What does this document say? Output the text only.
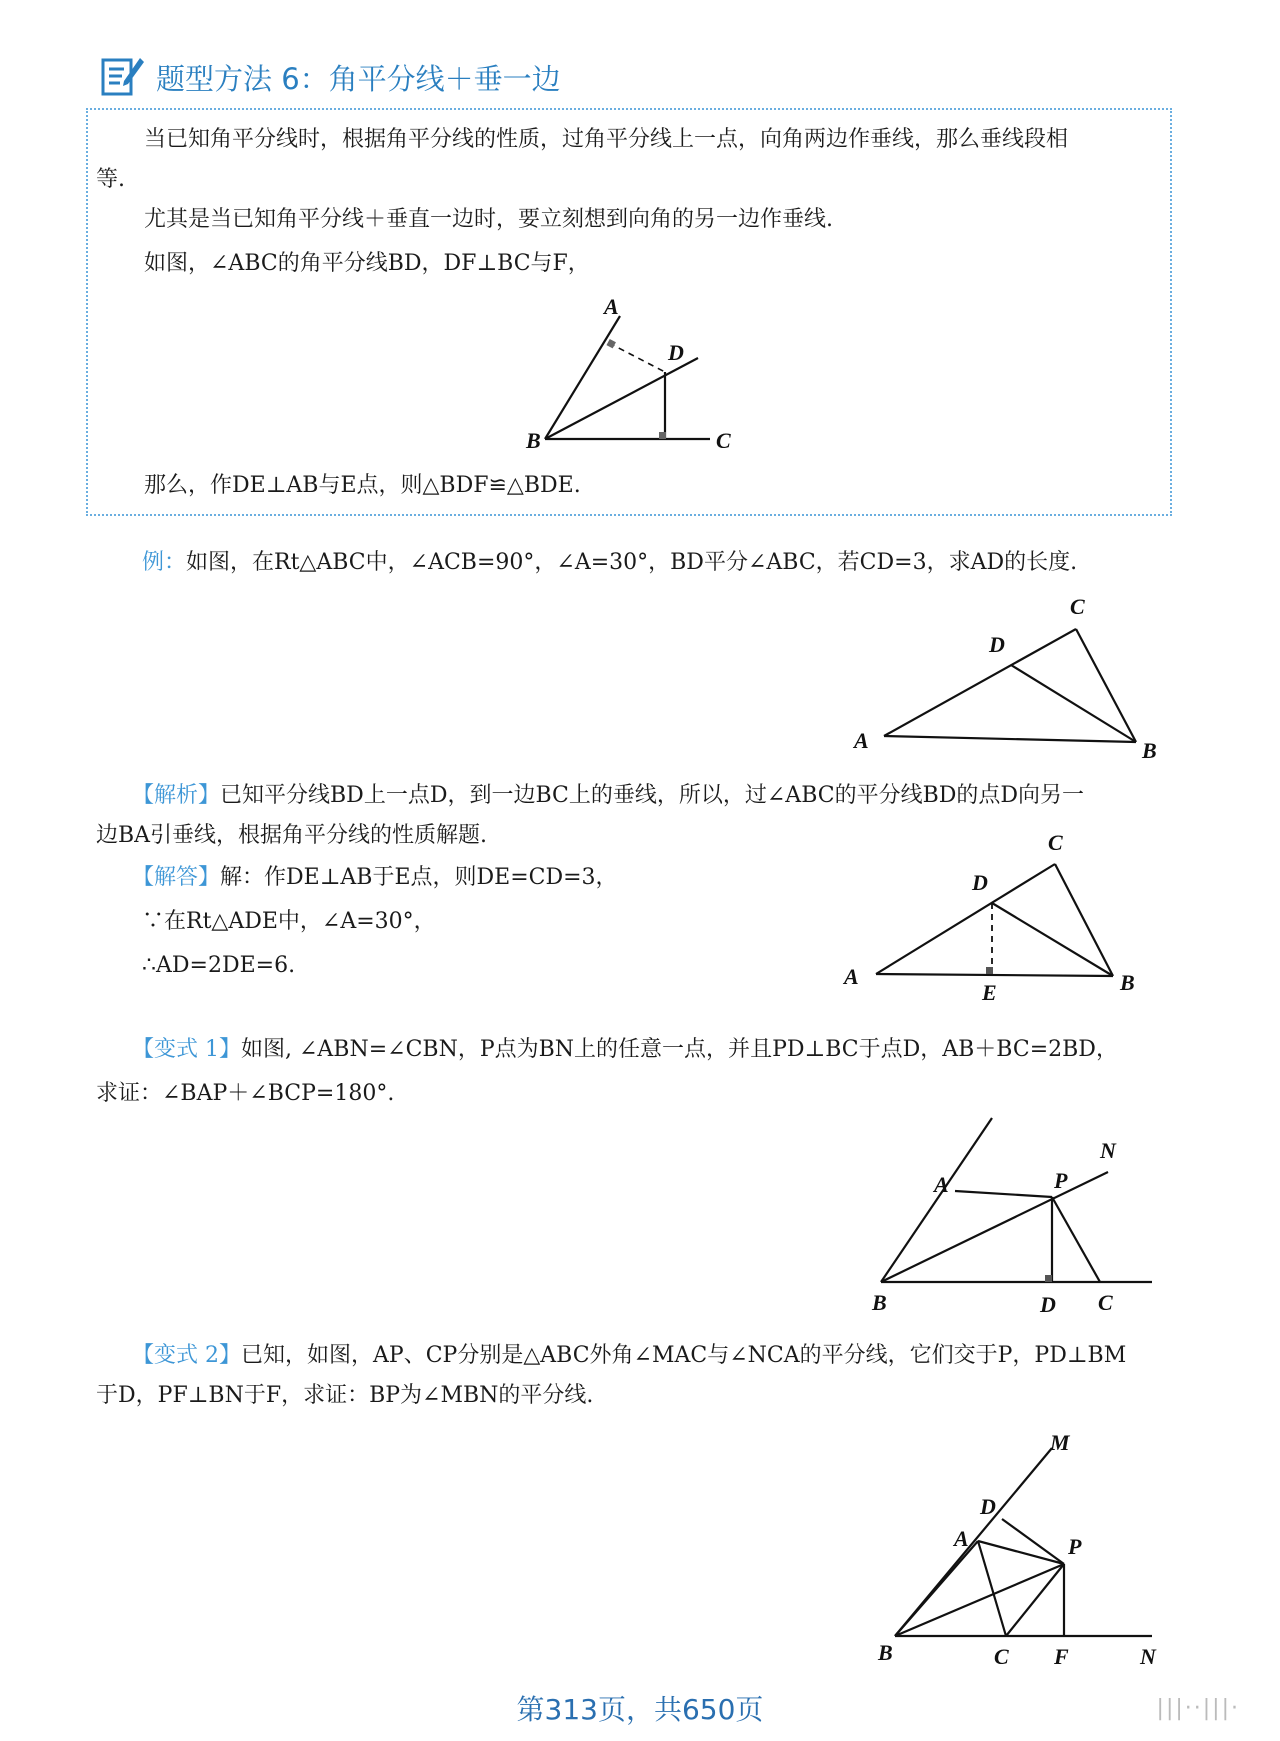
题型方法 6：角平分线＋垂一边
当已知角平分线时，根据角平分线的性质，过角平分线上一点，向角两边作垂线，那么垂线段相
等.
尤其是当已知角平分线＋垂直一边时，要立刻想到向角的另一边作垂线.
如图，∠ABC的角平分线BD，DF⊥BC与F，
A
D
B	C
那么，作DE⊥AB与E点，则△BDF≌△BDE.
例：如图，在Rt△ABC中，∠ACB=90°，∠A=30°，BD平分∠ABC，若CD=3，求AD的长度.
C
D
A	B
【解析】已知平分线BD上一点D，到一边BC上的垂线，所以，过∠ABC的平分线BD的点D向另一
边BA引垂线，根据角平分线的性质解题.
【解答】解：作DE⊥AB于E点，则DE=CD=3，
∵在Rt△ADE中，∠A=30°，
∴AD=2DE=6.
C
D
A
E	B
【变式 1】如图, ∠ABN=∠CBN，P点为BN上的任意一点，并且PD⊥BC于点D，AB＋BC=2BD，
求证：∠BAP＋∠BCP=180°.
N
A	P
B	D C
【变式 2】已知，如图，AP、CP分别是△ABC外角∠MAC与∠NCA的平分线，它们交于P，PD⊥BM
于D，PF⊥BN于F，求证：BP为∠MBN的平分线.
M
D
A	P
B	C F	N
第313页，共650页	|||··|||·
